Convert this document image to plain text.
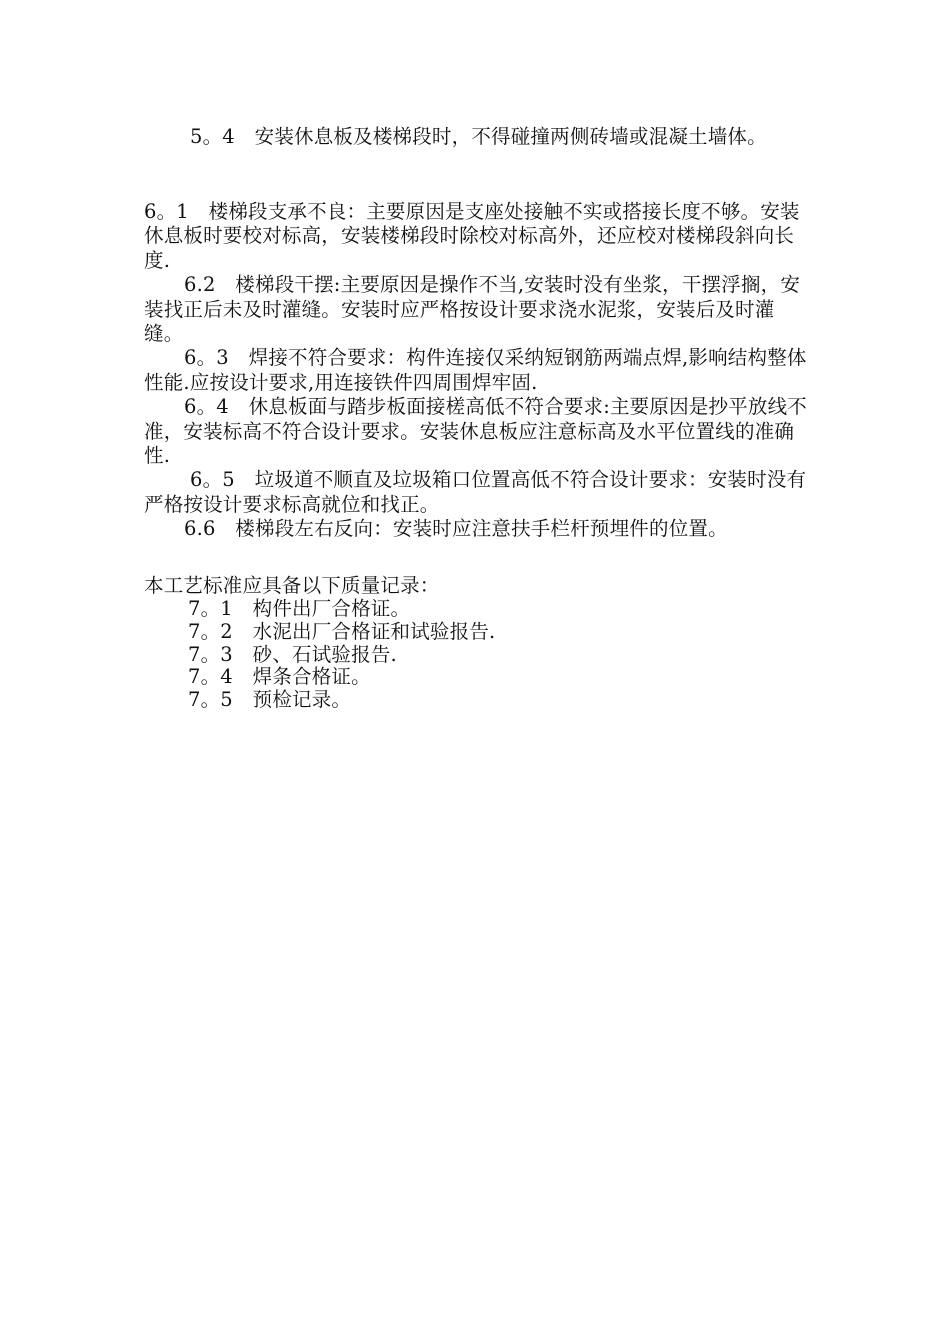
5。4　安装休息板及楼梯段时，不得碰撞两侧砖墙或混凝土墙体。

6。1　楼梯段支承不良：主要原因是支座处接触不实或搭接长度不够。安装休息板时要校对标高，安装楼梯段时除校对标高外，还应校对楼梯段斜向长度.

6.2　楼梯段干摆:主要原因是操作不当,安装时没有坐浆，干摆浮搁，安装找正后未及时灌缝。安装时应严格按设计要求浇水泥浆，安装后及时灌缝。

6。3　焊接不符合要求：构件连接仅采纳短钢筋两端点焊,影响结构整体性能.应按设计要求,用连接铁件四周围焊牢固.

6。4　休息板面与踏步板面接槎高低不符合要求:主要原因是抄平放线不准，安装标高不符合设计要求。安装休息板应注意标高及水平位置线的准确性.

6。5　垃圾道不顺直及垃圾箱口位置高低不符合设计要求：安装时没有严格按设计要求标高就位和找正。

6.6　楼梯段左右反向：安装时应注意扶手栏杆预埋件的位置。

本工艺标准应具备以下质量记录：

7。1　构件出厂合格证。

7。2　水泥出厂合格证和试验报告.

7。3　砂、石试验报告.

7。4　焊条合格证。

7。5　预检记录。
